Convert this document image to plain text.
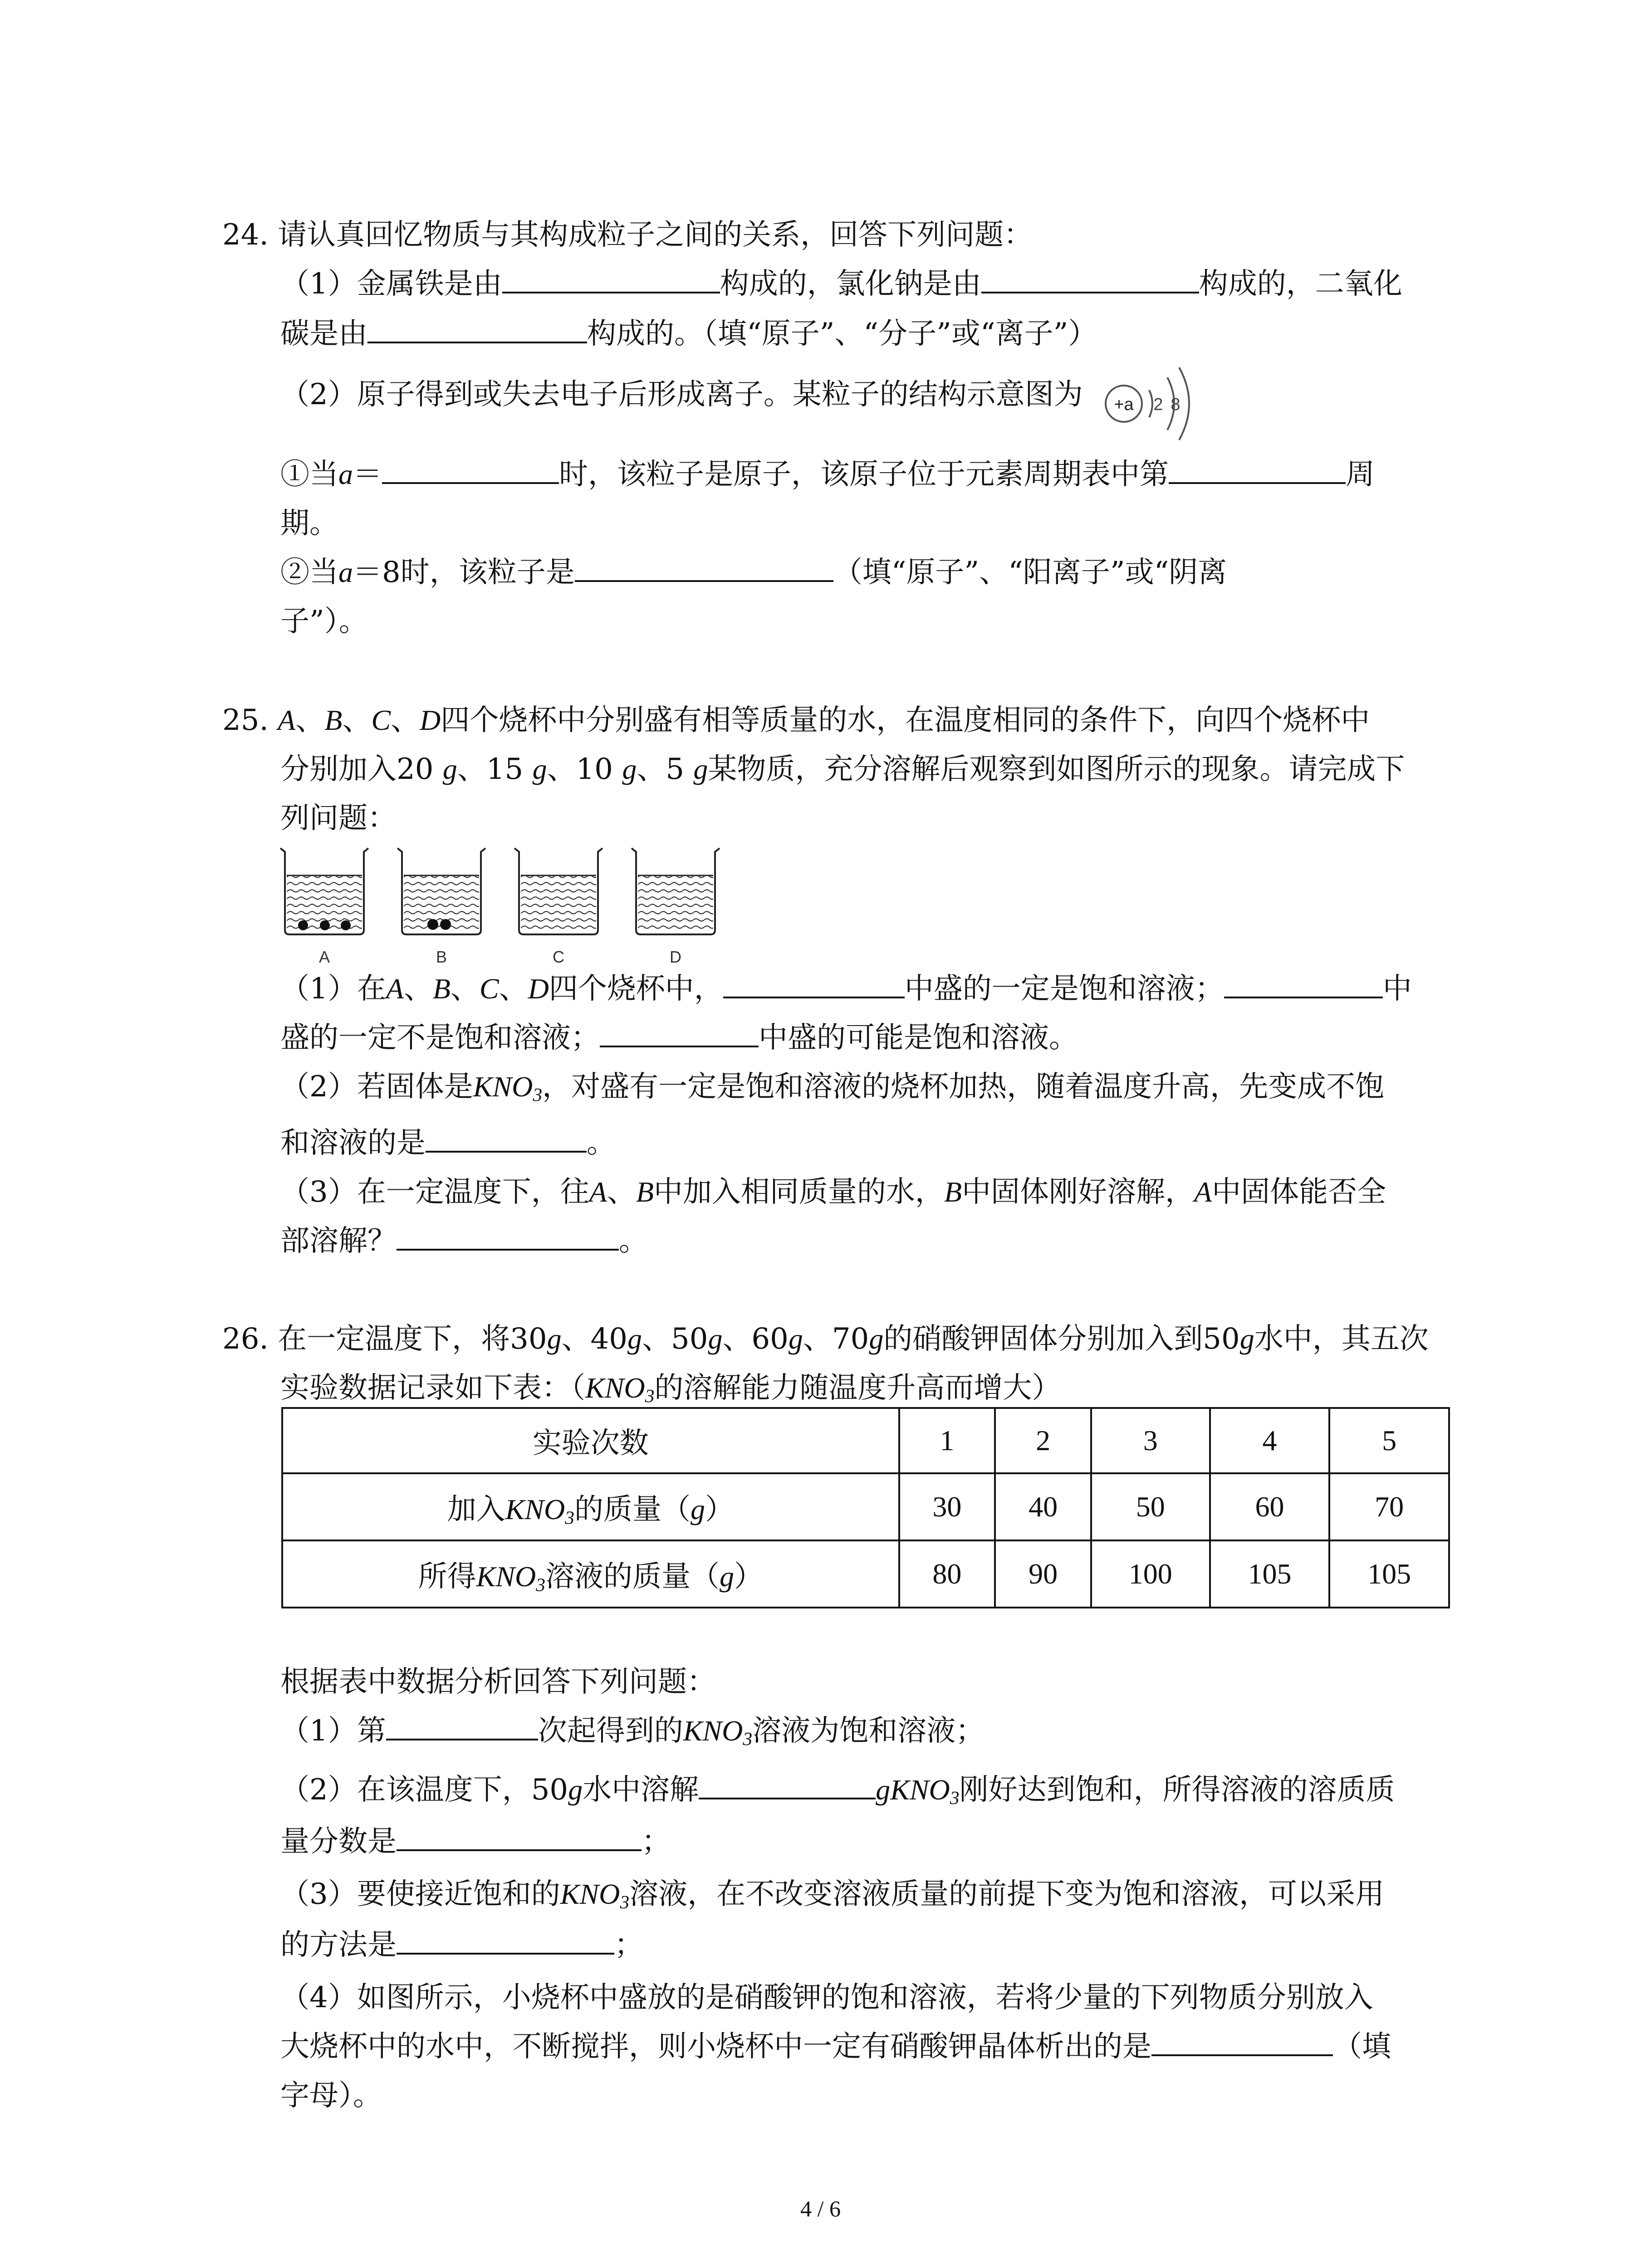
24. 请认真回忆物质与其构成粒子之间的关系，回答下列问题：
（1）金属铁是由	构成的，氯化钠是由	构成的，二氧化
碳是由	构成的。（填“原子”、“分子”或“离子”）
（2）原子得到或失去电子后形成离子。某粒子的结构示意图为 +a 2 8
①当a＝	时，该粒子是原子，该原子位于元素周期表中第	周
期。
②当a＝8时，该粒子是	（填“原子”、“阳离子”或“阴离
子”）。
25. A、B、C、D四个烧杯中分别盛有相等质量的水，在温度相同的条件下，向四个烧杯中
分别加入20 g、15 g、10 g、5 g某物质，充分溶解后观察到如图所示的现象。请完成下
列问题：
A	B	C	D
（1）在A、B、C、D四个烧杯中，	中盛的一定是饱和溶液；	中
盛的一定不是饱和溶液；	中盛的可能是饱和溶液。
（2）若固体是$KNO_3$，对盛有一定是饱和溶液的烧杯加热，随着温度升高，先变成不饱
和溶液的是	。
（3）在一定温度下，往A、B中加入相同质量的水，B中固体刚好溶解，A中固体能否全
部溶解？	。
26. 在一定温度下，将30g、40g、50g、60g、70g的硝酸钾固体分别加入到50g水中，其五次
实验数据记录如下表：（$KNO_3$的溶解能力随温度升高而增大）
实验次数	1	2	3	4	5
加入$KNO_3$的质量（g）	30	40	50	60	70
所得$KNO_3$溶液的质量（g）	80	90	100	105	105
根据表中数据分析回答下列问题：
（1）第	次起得到的$KNO_3$溶液为饱和溶液；
（2）在该温度下，50g水中溶解	gKNO$_3$刚好达到饱和，所得溶液的溶质质
量分数是	；
（3）要使接近饱和的$KNO_3$溶液，在不改变溶液质量的前提下变为饱和溶液，可以采用
的方法是	；
（4）如图所示，小烧杯中盛放的是硝酸钾的饱和溶液，若将少量的下列物质分别放入
大烧杯中的水中，不断搅拌，则小烧杯中一定有硝酸钾晶体析出的是	（填
字母）。
4 / 6
